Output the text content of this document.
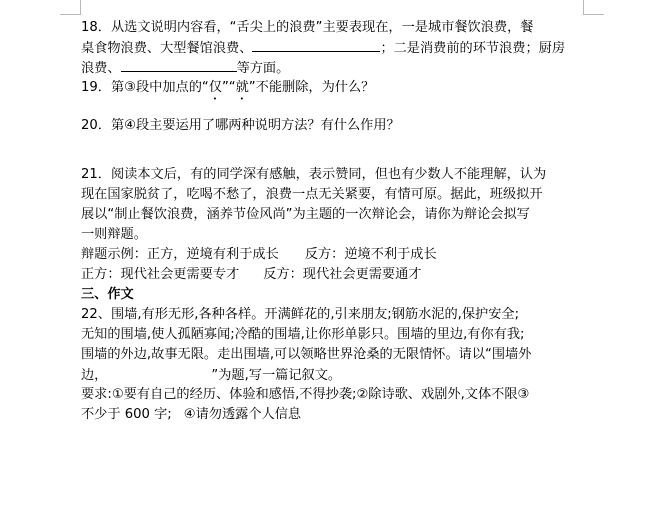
18．从选文说明内容看，“舌尖上的浪费”主要表现在，一是城市餐饮浪费，餐
桌食物浪费、大型餐馆浪费、	；二是消费前的环节浪费；厨房
浪费、	等方面。
19．第③段中加点的“仅”“就”不能删除，为什么？
20．第④段主要运用了哪两种说明方法？有什么作用？
21．阅读本文后，有的同学深有感触，表示赞同，但也有少数人不能理解，认为
现在国家脱贫了，吃喝不愁了，浪费一点无关紧要，有情可原。据此，班级拟开
展以“制止餐饮浪费，涵养节俭风尚”为主题的一次辩论会，请你为辩论会拟写
一则辩题。
辩题示例：正方，逆境有利于成长 反方：逆境不利于成长
正方：现代社会更需要专才 反方：现代社会更需要通才
三、作文
22、围墙,有形无形,各种各样。开满鲜花的,引来朋友;钢筋水泥的,保护安全;
无知的围墙,使人孤陋寡闻;冷酷的围墙,让你形单影只。围墙的里边,有你有我;
围墙的外边,故事无限。走出围墙,可以领略世界沧桑的无限情怀。请以“围墙外
边，	”为题,写一篇记叙文。
要求:①要有自己的经历、体验和感悟,不得抄袭;②除诗歌、戏剧外,文体不限③
不少于 600 字; ④请勿透露个人信息
